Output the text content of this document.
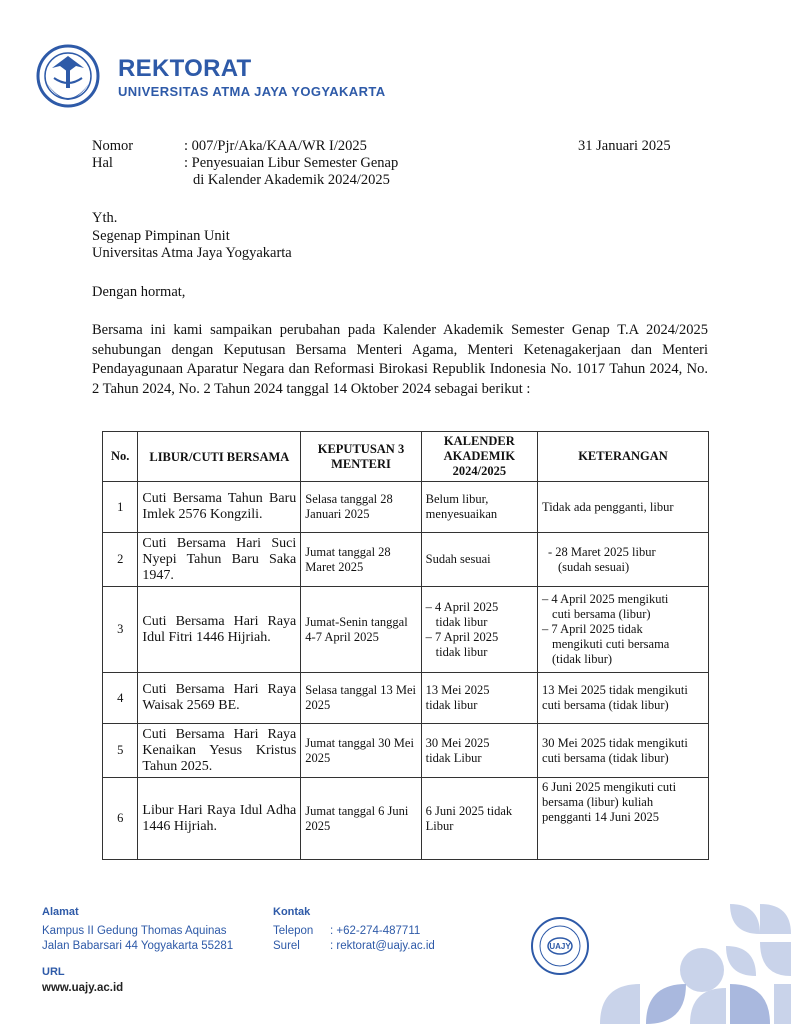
REKTORAT
UNIVERSITAS ATMA JAYA YOGYAKARTA
Nomor	: 007/Pjr/Aka/KAA/WR I/2025
Hal	: Penyesuaian Libur Semester Genap
di Kalender Akademik 2024/2025
31 Januari 2025
Yth.
Segenap Pimpinan Unit
Universitas Atma Jaya Yogyakarta
Dengan hormat,
Bersama ini kami sampaikan perubahan pada Kalender Akademik Semester Genap T.A 2024/2025 sehubungan dengan Keputusan Bersama Menteri Agama, Menteri Ketenagakerjaan dan Menteri Pendayagunaan Aparatur Negara dan Reformasi Birokasi Republik Indonesia No. 1017 Tahun 2024, No. 2 Tahun 2024, No. 2 Tahun 2024 tanggal 14 Oktober 2024 sebagai berikut :
No.	LIBUR/CUTI BERSAMA	KEPUTUSAN 3 MENTERI	KALENDER AKADEMIK 2024/2025	KETERANGAN
1	Cuti Bersama Tahun Baru Imlek 2576 Kongzili.	Selasa tanggal 28 Januari 2025	Belum libur, menyesuaikan	Tidak ada pengganti, libur
2	Cuti Bersama Hari Suci Nyepi Tahun Baru Saka 1947.	Jumat tanggal 28 Maret 2025	Sudah sesuai	- 28 Maret 2025 libur
(sudah sesuai)

3	Cuti Bersama Hari Raya Idul Fitri 1446 Hijriah.	Jumat-Senin tanggal 4-7 April 2025	– 4 April 2025
tidak libur
– 7 April 2025
tidak libur	– 4 April 2025 mengikuti
cuti bersama (libur)
– 7 April 2025 tidak
mengikuti cuti bersama
(tidak libur)

4	Cuti Bersama Hari Raya Waisak 2569 BE.	Selasa tanggal 13 Mei 2025	13 Mei 2025
tidak libur	13 Mei 2025 tidak mengikuti cuti bersama (tidak libur)
5	Cuti Bersama Hari Raya Kenaikan Yesus Kristus Tahun 2025.	Jumat tanggal 30 Mei 2025	30 Mei 2025
tidak Libur	30 Mei 2025 tidak mengikuti cuti bersama (tidak libur)
6	Libur Hari Raya Idul Adha 1446 Hijriah.	Jumat tanggal 6 Juni 2025	6 Juni 2025 tidak Libur	6 Juni 2025 mengikuti cuti bersama (libur) kuliah pengganti 14 Juni 2025
Alamat
Kampus II Gedung Thomas Aquinas
Jalan Babarsari 44 Yogyakarta 55281
URL
www.uajy.ac.id
Kontak
Telepon : +62-274-487711
Surel	: rektorat@uajy.ac.id	UAJY
